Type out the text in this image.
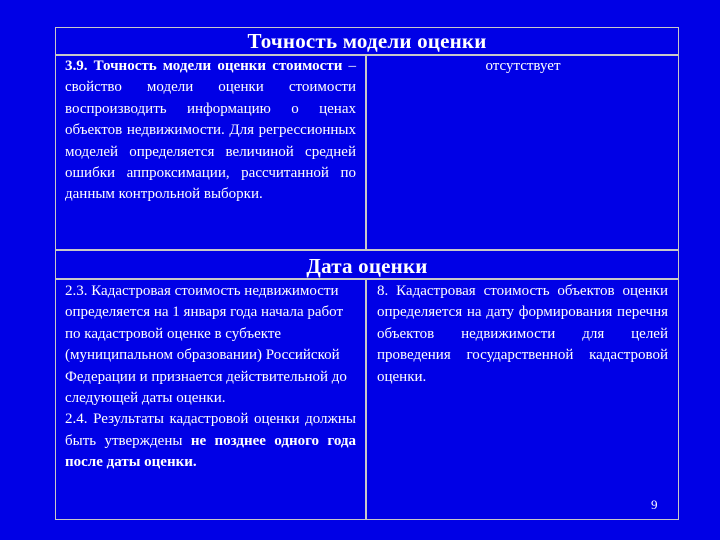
Точность модели оценки

3.9. Точность модели оценки стоимости – свойство модели оценки стоимости воспроизводить информацию о ценах объектов недвижимости. Для регрессионных моделей определяется величиной средней ошибки аппроксимации, рассчитанной по данным контрольной выборки.

отсутствует
Дата оценки

2.3. Кадастровая стоимость недвижимости определяется на 1 января года начала работ по кадастровой оценке в субъекте (муниципальном образовании) Российской Федерации и признается действительной до следующей даты оценки.

2.4. Результаты кадастровой оценки должны быть утверждены не позднее одного года после даты оценки.

8. Кадастровая стоимость объектов оценки определяется на дату формирования перечня объектов недвижимости для целей проведения государственной кадастровой оценки.
9
